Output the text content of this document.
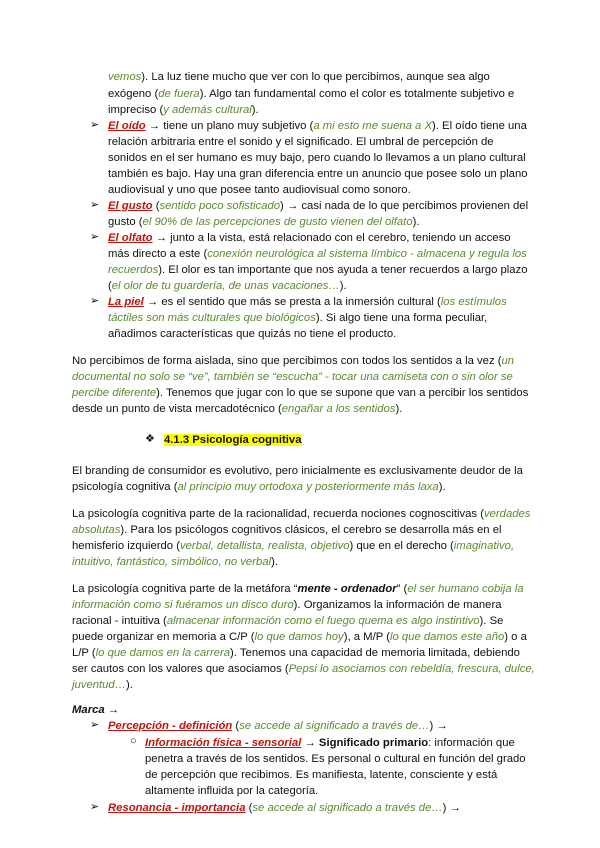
vemos). La luz tiene mucho que ver con lo que percibimos, aunque sea algo
exógeno (de fuera). Algo tan fundamental como el color es totalmente subjetivo e
impreciso (y además cultural).
➢ El oído → tiene un plano muy subjetivo (a mi esto me suena a X). El oído tiene una
relación arbitraria entre el sonido y el significado. El umbral de percepción de
sonidos en el ser humano es muy bajo, pero cuando lo llevamos a un plano cultural
también es bajo. Hay una gran diferencia entre un anuncio que posee solo un plano
audiovisual y uno que posee tanto audiovisual como sonoro.
➢ El gusto (sentido poco sofisticado) → casi nada de lo que percibimos provienen del
gusto (el 90% de las percepciones de gusto vienen del olfato).
➢ El olfato → junto a la vista, está relacionado con el cerebro, teniendo un acceso
más directo a este (conexión neurológica al sistema límbico - almacena y regula los
recuerdos). El olor es tan importante que nos ayuda a tener recuerdos a largo plazo
(el olor de tu guardería, de unas vacaciones…).
➢ La piel → es el sentido que más se presta a la inmersión cultural (los estímulos
táctiles son más culturales que biológicos). Si algo tiene una forma peculiar,
añadimos características que quizás no tiene el producto.
No percibimos de forma aislada, sino que percibimos con todos los sentidos a la vez (un
documental no solo se “ve”, también se “escucha” - tocar una camiseta con o sin olor se
percibe diferente). Tenemos que jugar con lo que se supone que van a percibir los sentidos
desde un punto de vista mercadotécnico (engañar a los sentidos).
❖ 4.1.3 Psicología cognitiva
El branding de consumidor es evolutivo, pero inicialmente es exclusivamente deudor de la
psicología cognitiva (al principio muy ortodoxa y posteriormente más laxa).
La psicología cognitiva parte de la racionalidad, recuerda nociones cognoscitivas (verdades
absolutas). Para los psicólogos cognitivos clásicos, el cerebro se desarrolla más en el
hemisferio izquierdo (verbal, detallista, realista, objetivo) que en el derecho (imaginativo,
intuitivo, fantástico, simbólico, no verbal).
La psicología cognitiva parte de la metáfora “mente - ordenador” (el ser humano cobija la
información como si fuéramos un disco duro). Organizamos la información de manera
racional - intuitiva (almacenar información como el fuego quema es algo instintivo). Se
puede organizar en memoria a C/P (lo que damos hoy), a M/P (lo que damos este año) o a
L/P (lo que damos en la carrera). Tenemos una capacidad de memoria limitada, debiendo
ser cautos con los valores que asociamos (Pepsi lo asociamos con rebeldía, frescura, dulce,
juventud…).
Marca →
➢ Percepción - definición (se accede al significado a través de…) →
○ Información física - sensorial → Significado primario: información que
penetra a través de los sentidos. Es personal o cultural en función del grado
de percepción que recibimos. Es manifiesta, latente, consciente y está
altamente influida por la categoría.
➢ Resonancia - importancia (se accede al significado a través de…) →
